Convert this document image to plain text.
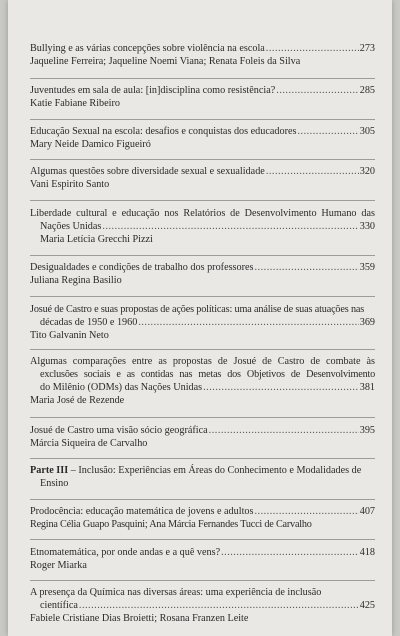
Bullying e as várias concepções sobre violência na escola .....	273
Jaqueline Ferreira; Jaqueline Noemi Viana; Renata Foleis da Silva
Juventudes em sala de aula: [in]disciplina como resistência? .....	285
Katie Fabiane Ribeiro
Educação Sexual na escola: desafios e conquistas dos educadores .....	305
Mary Neide Damico Figueiró
Algumas questões sobre diversidade sexual e sexualidade .....	320
Vani Espirito Santo
Liberdade cultural e educação nos Relatórios de Desenvolvimento Humano das
Nações Unidas .....	330
Maria Letícia Grecchi Pizzi
Desigualdades e condições de trabalho dos professores .....	359
Juliana Regina Basilio
Josué de Castro e suas propostas de ações políticas: uma análise de suas atuações nas
décadas de 1950 e 1960 .....	369
Tito Galvanin Neto
Algumas comparações entre as propostas de Josué de Castro de combate às
exclusões sociais e as contidas nas metas dos Objetivos de Desenvolvimento
do Milênio (ODMs) das Nações Unidas .....	381
Maria José de Rezende
Josué de Castro uma visão sócio geográfica .....	395
Márcia Siqueira de Carvalho
Parte III – Inclusão: Experiências em Áreas do Conhecimento e Modalidades de
Ensino
Prodocência: educação matemática de jovens e adultos .....	407
Regina Célia Guapo Pasquini; Ana Márcia Fernandes Tucci de Carvalho
Etnomatemática, por onde andas e a quê vens? .....	418
Roger Miarka
A presença da Química nas diversas áreas: uma experiência de inclusão
científica .....	425
Fabiele Cristiane Dias Broietti; Rosana Franzen Leite
